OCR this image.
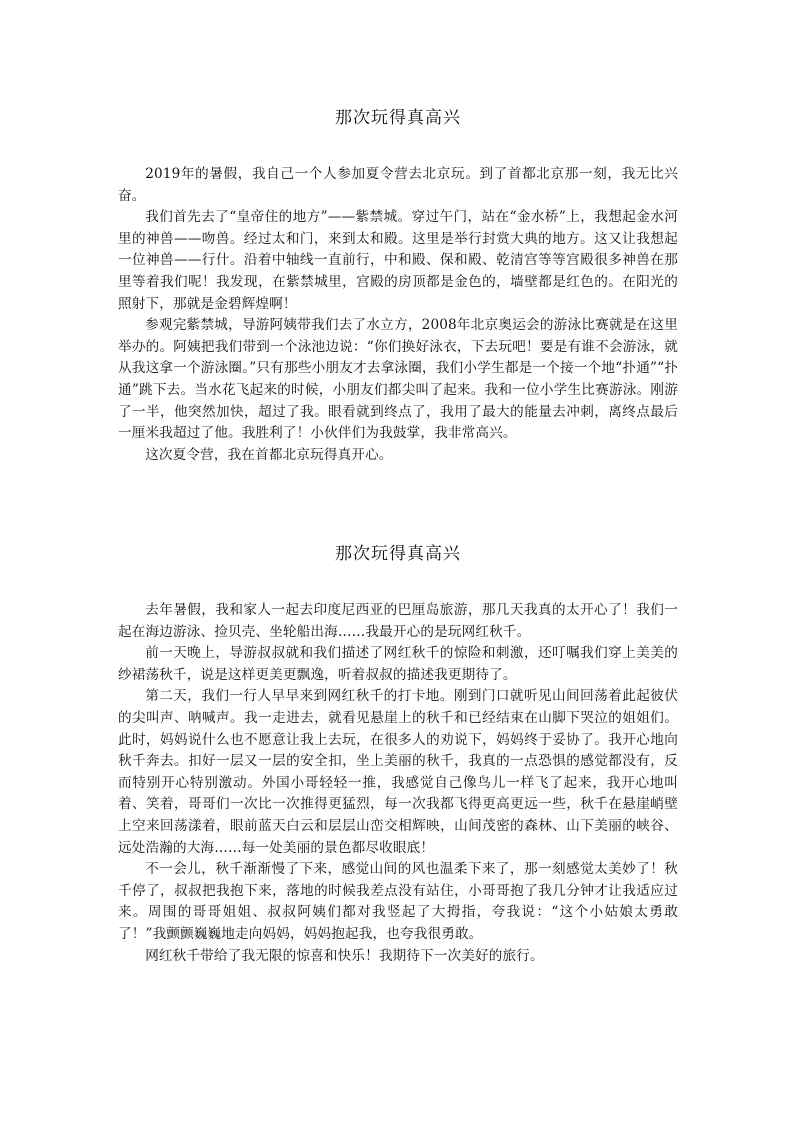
那次玩得真高兴

2019年的暑假，我自己一个人参加夏令营去北京玩。到了首都北京那一刻，我无比兴奋。

我们首先去了“皇帝住的地方”——紫禁城。穿过午门，站在“金水桥”上，我想起金水河里的神兽——吻兽。经过太和门，来到太和殿。这里是举行封赏大典的地方。这又让我想起一位神兽——行什。沿着中轴线一直前行，中和殿、保和殿、乾清宫等等宫殿很多神兽在那里等着我们呢！我发现，在紫禁城里，宫殿的房顶都是金色的，墙壁都是红色的。在阳光的照射下，那就是金碧辉煌啊！

参观完紫禁城，导游阿姨带我们去了水立方，2008年北京奥运会的游泳比赛就是在这里举办的。阿姨把我们带到一个泳池边说：“你们换好泳衣，下去玩吧！要是有谁不会游泳，就从我这拿一个游泳圈。”只有那些小朋友才去拿泳圈，我们小学生都是一个接一个地“扑通”“扑通”跳下去。当水花飞起来的时候，小朋友们都尖叫了起来。我和一位小学生比赛游泳。刚游了一半，他突然加快，超过了我。眼看就到终点了，我用了最大的能量去冲刺，离终点最后一厘米我超过了他。我胜利了！小伙伴们为我鼓掌，我非常高兴。

这次夏令营，我在首都北京玩得真开心。

那次玩得真高兴

去年暑假，我和家人一起去印度尼西亚的巴厘岛旅游，那几天我真的太开心了！我们一起在海边游泳、捡贝壳、坐轮船出海……我最开心的是玩网红秋千。

前一天晚上，导游叔叔就和我们描述了网红秋千的惊险和刺激，还叮嘱我们穿上美美的纱裙荡秋千，说是这样更美更飘逸，听着叔叔的描述我更期待了。

第二天，我们一行人早早来到网红秋千的打卡地。刚到门口就听见山间回荡着此起彼伏的尖叫声、呐喊声。我一走进去，就看见悬崖上的秋千和已经结束在山脚下哭泣的姐姐们。此时，妈妈说什么也不愿意让我上去玩，在很多人的劝说下，妈妈终于妥协了。我开心地向秋千奔去。扣好一层又一层的安全扣，坐上美丽的秋千，我真的一点恐惧的感觉都没有，反而特别开心特别激动。外国小哥轻轻一推，我感觉自己像鸟儿一样飞了起来，我开心地叫着、笑着，哥哥们一次比一次推得更猛烈，每一次我都飞得更高更远一些，秋千在悬崖峭壁上空来回荡漾着，眼前蓝天白云和层层山峦交相辉映，山间茂密的森林、山下美丽的峡谷、远处浩瀚的大海……每一处美丽的景色都尽收眼底！

不一会儿，秋千渐渐慢了下来，感觉山间的风也温柔下来了，那一刻感觉太美妙了！秋千停了，叔叔把我抱下来，落地的时候我差点没有站住，小哥哥抱了我几分钟才让我适应过来。周围的哥哥姐姐、叔叔阿姨们都对我竖起了大拇指，夸我说：“这个小姑娘太勇敢了！”我颤颤巍巍地走向妈妈，妈妈抱起我，也夸我很勇敢。

网红秋千带给了我无限的惊喜和快乐！我期待下一次美好的旅行。
